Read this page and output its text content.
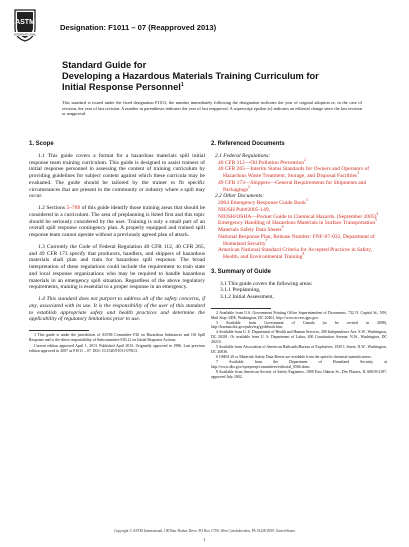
ASTM
INTERNATIONAL
Designation: F1011 – 07 (Reapproved 2013)
Standard Guide for
Developing a Hazardous Materials Training Curriculum for
Initial Response Personnel$^1$
This standard is issued under the fixed designation F1011; the number immediately following the designation indicates the year of original adoption or, in the case of revision, the year of last revision. A number in parentheses indicates the year of last reapproval. A superscript epsilon (ε) indicates an editorial change since the last revision or reapproval.
1. Scope
1.1 This guide covers a format for a hazardous materials spill initial response team training curriculum. This guide is designed to assist trainers of initial response personnel in assessing the content of training curriculum by providing guidelines for subject content against which these curricula may be evaluated. The guide should be tailored by the trainer to fit specific circumstances that are present in the community or industry where a spill may occur.
1.2 Sections 5–789 of this guide identify those training areas that should be considered in a curriculum. The area of preplanning is listed first and this topic should be seriously considered by the user. Training is only a small part of an overall spill response contingency plan. A properly equipped and trained spill response team cannot operate without a previously agreed plan of attack.
1.3 Currently the Code of Federal Regulation 40 CFR 112, 40 CFR 265, and 49 CFR 173 specify that producers, handlers, and shippers of hazardous materials shall plan and train for hazardous spill response. The broad interpretation of these regulations could include the requirement to train state and local response organizations who may be required to handle hazardous materials in an emergency spill situation. Regardless of the above regulatory requirements, training is essential to a proper response in an emergency.
1.4 This standard does not purport to address all of the safety concerns, if any, associated with its use. It is the responsibility of the user of this standard to establish appropriate safety and health practices and determine the applicability of regulatory limitations prior to use.
1 This guide is under the jurisdiction of ASTM Committee F20 on Hazardous Substances and Oil Spill Response and is the direct responsibility of Subcommittee F20.21 on Initial Response Actions.
Current edition approved April 1, 2013. Published April 2013. Originally approved in 1986. Last previous edition approved in 2007 as F1011 – 07. DOI: 10.1520/F1011-07R13.
2. Referenced Documents
2.1 Federal Regulations:
40 CFR 112—Oil Pollution Prevention$^2$
40 CFR 265—Interim Status Standards for Owners and Operators of Hazardous Waste Treatment, Storage, and Disposal Facilities$^2$
49 CFR 173—Shippers—General Requirements for Shipments and Packagings$^2$
2.2 Other Documents:
2004 Emergency Response Guide Book$^3$
NIOSH Pub#2005-149,
NIOSH/OSHA—Pocket Guide to Chemical Hazards. (September 2005)$^4$
Emergency Handling of Hazardous Materials in Surface Transportation$^5$
Materials Safety Data Sheets$^6$
National Response Plan, Release Number: FNF-07-032, Department of Homeland Security$^7$
American National Standard Criteria for Accepted Practices in Safety, Health, and Environmental Training$^8$
3. Summary of Guide
3.1 This guide covers the following areas:
3.1.1 Preplanning,
3.1.2 Initial Assessment,
2 Available from U.S. Government Printing Office Superintendent of Documents, 732 N. Capitol St., NW, Mail Stop: SDE, Washington, DC 20401, http://www.access.gpo.gov.
3 Available from Government of Canada (to be revised in 2008), http://hazmat.dot.gov/pubs/erg/gydebook.htm.
4 Available from U. S. Department of Health and Human Services, 200 Independence Ave. S.W., Washington, DC 20201. Or available from U. S. Department of Labor, 200 Constitution Avenue, N.W., Washington, DC 20210.
5 Available from Association of American Railroads/Bureau of Explosives, 1920 L Street, N.W., Washington, DC 20036.
6 OSHA 20 or Materials Safety Data Sheets are available from the specific chemical manufacturers.
7 Available from the Department of Homeland Security at http://www.dhs.gov/xprepresp/committees/editorial_0566.shtm.
8 Available from American Society of Safety Engineers, 1800 East Oakton St., Des Plaines, IL 60018-2187, approved July 2002.
Copyright © ASTM International, 100 Barr Harbor Drive, PO Box C700, West Conshohocken, PA 19428-2959. United States
1
